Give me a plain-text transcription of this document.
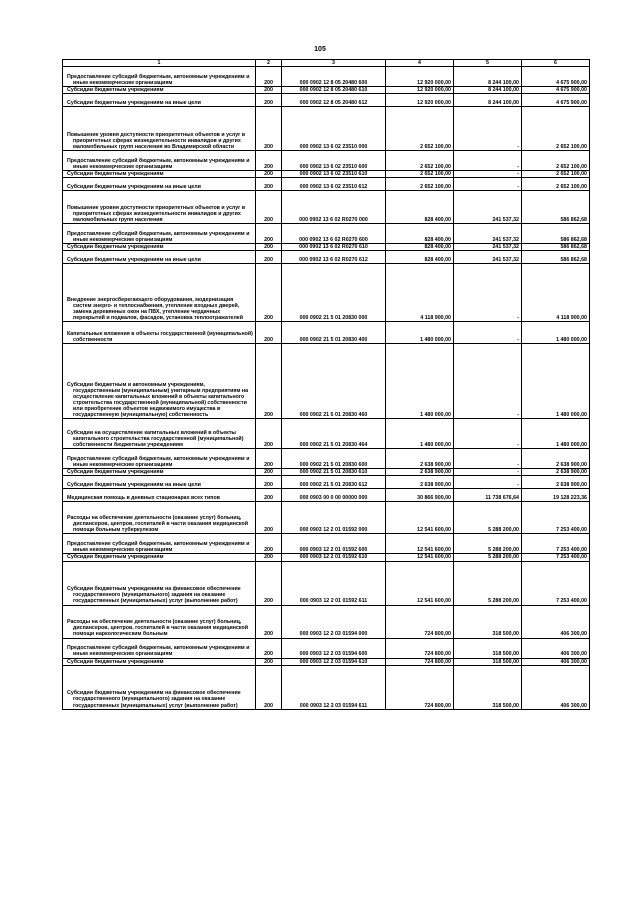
105
1	2	3	4	5	6

Предоставление субсидий бюджетным, автономным учреждениям и иным некоммерческим организациям	200	000 0902 12 8 05 20480 600	12 920 000,00	8 244 100,00	4 675 900,00

Субсидии бюджетным учреждениям	200	000 0902 12 8 05 20480 610	12 920 000,00	8 244 100,00	4 675 900,00

Субсидии бюджетным учреждениям на иные цели	200	000 0902 12 8 05 20480 612	12 920 000,00	8 244 100,00	4 675 900,00

Повышение уровня доступности приоритетных объектов и услуг в приоритетных сферах жизнедеятельности инвалидов и других маломобильных групп населения во Владимирской области	200	000 0902 13 6 02 23510 000	2 652 100,00	-	2 652 100,00

Предоставление субсидий бюджетным, автономным учреждениям и иным некоммерческим организациям	200	000 0902 13 6 02 23510 600	2 652 100,00	-	2 652 100,00

Субсидии бюджетным учреждениям	200	000 0902 13 6 02 23510 610	2 652 100,00	-	2 652 100,00

Субсидии бюджетным учреждениям на иные цели	200	000 0902 13 6 02 23510 612	2 652 100,00	-	2 652 100,00

Повышение уровня доступности приоритетных объектов и услуг в приоритетных сферах жизнедеятельности инвалидов и других маломобильных групп населения	200	000 0902 13 6 02 R0270 000	828 400,00	241 537,32	586 862,68

Предоставление субсидий бюджетным, автономным учреждениям и иным некоммерческим организациям	200	000 0902 13 6 02 R0270 600	828 400,00	241 537,32	586 862,68

Субсидии бюджетным учреждениям	200	000 0902 13 6 02 R0270 610	828 400,00	241 537,32	586 862,68

Субсидии бюджетным учреждениям на иные цели	200	000 0902 13 6 02 R0270 612	828 400,00	241 537,32	586 862,68

Внедрение энергосберегающего оборудования, модернизация систем энерго- и теплоснабжения, утепление входных дверей, замена деревянных окон на ПВХ, утепление чердачных перекрытий и подвалов, фасадов, установка теплоотражателей	200	000 0902 21 5 01 20830 000	4 118 900,00	-	4 118 900,00

Капитальные вложения в объекты государственной (муниципальной) собственности	200	000 0902 21 5 01 20830 400	1 480 000,00	-	1 480 000,00

Субсидии бюджетным и автономным учреждениям, государственным (муниципальным) унитарным предприятиям на осуществление капитальных вложений в объекты капитального строительства государственной (муниципальной) собственности или приобретение объектов недвижимого имущества в государственную (муниципальную) собственность	200	000 0902 21 5 01 20830 460	1 480 000,00	-	1 480 000,00

Субсидии на осуществление капитальных вложений в объекты капитального строительства государственной (муниципальной) собственности бюджетным учреждениям	200	000 0902 21 5 01 20830 464	1 480 000,00	-	1 480 000,00

Предоставление субсидий бюджетным, автономным учреждениям и иным некоммерческим организациям	200	000 0902 21 5 01 20830 600	2 638 900,00	-	2 638 900,00

Субсидии бюджетным учреждениям	200	000 0902 21 5 01 20830 610	2 638 900,00	-	2 638 900,00

Субсидии бюджетным учреждениям на иные цели	200	000 0902 21 5 01 20830 612	2 638 900,00	-	2 638 900,00

Медицинская помощь в дневных стационарах всех типов	200	000 0903 00 0 00 00000 000	30 866 900,00	11 738 676,64	19 128 223,36

Расходы на обеспечение деятельности (оказание услуг) больниц, диспансеров, центров, госпиталей в части оказания медицинской помощи больным туберкулезом	200	000 0903 12 2 01 01592 000	12 541 600,00	5 288 200,00	7 253 400,00

Предоставление субсидий бюджетным, автономным учреждениям и иным некоммерческим организациям	200	000 0903 12 2 01 01592 600	12 541 600,00	5 288 200,00	7 253 400,00

Субсидии бюджетным учреждениям	200	000 0903 12 2 01 01592 610	12 541 600,00	5 288 200,00	7 253 400,00

Субсидии бюджетным учреждениям на финансовое обеспечение государственного (муниципального) задания на оказание государственных (муниципальных) услуг (выполнение работ)	200	000 0903 12 2 01 01592 611	12 541 600,00	5 288 200,00	7 253 400,00

Расходы на обеспечение деятельности (оказание услуг) больниц, диспансеров, центров, госпиталей в части оказания медицинской помощи наркологическим больным	200	000 0903 12 2 03 01594 000	724 800,00	318 500,00	406 300,00

Предоставление субсидий бюджетным, автономным учреждениям и иным некоммерческим организациям	200	000 0903 12 2 03 01594 600	724 800,00	318 500,00	406 300,00

Субсидии бюджетным учреждениям	200	000 0903 12 2 03 01594 610	724 800,00	318 500,00	406 300,00

Субсидии бюджетным учреждениям на финансовое обеспечение государственного (муниципального) задания на оказание государственных (муниципальных) услуг (выполнение работ)	200	000 0903 12 2 03 01594 611	724 800,00	318 500,00	406 300,00
